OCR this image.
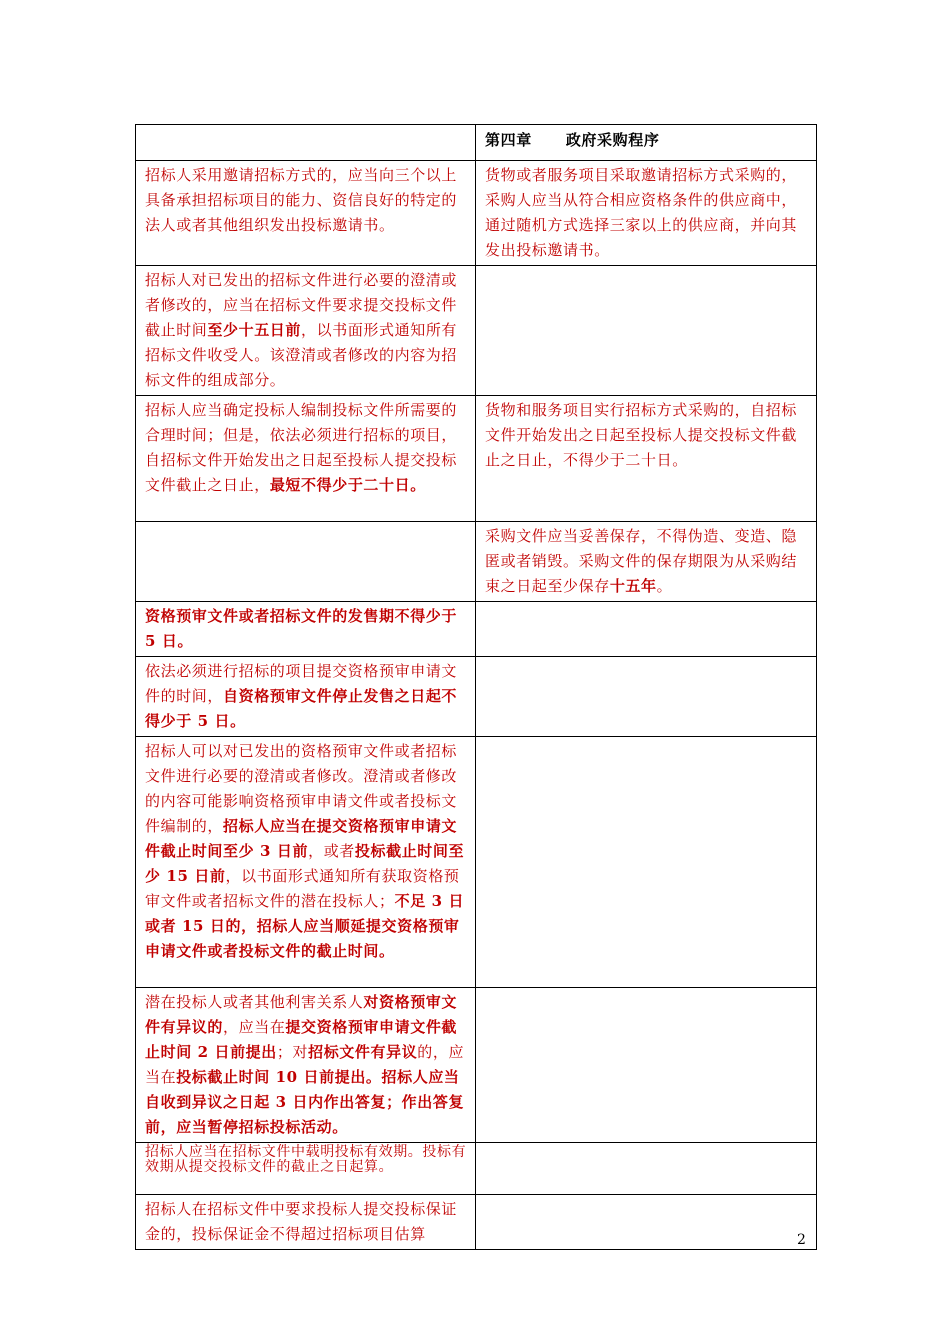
	第四章 政府采购程序
招标人采用邀请招标方式的，应当向三个以上具备承担招标项目的能力、资信良好的特定的法人或者其他组织发出投标邀请书。	货物或者服务项目采取邀请招标方式采购的，采购人应当从符合相应资格条件的供应商中，通过随机方式选择三家以上的供应商，并向其发出投标邀请书。
招标人对已发出的招标文件进行必要的澄清或者修改的，应当在招标文件要求提交投标文件截止时间至少十五日前，以书面形式通知所有招标文件收受人。该澄清或者修改的内容为招标文件的组成部分。	
招标人应当确定投标人编制投标文件所需要的合理时间；但是，依法必须进行招标的项目，自招标文件开始发出之日起至投标人提交投标文件截止之日止，最短不得少于二十日。	货物和服务项目实行招标方式采购的，自招标文件开始发出之日起至投标人提交投标文件截止之日止，不得少于二十日。
	采购文件应当妥善保存，不得伪造、变造、隐匿或者销毁。采购文件的保存期限为从采购结束之日起至少保存十五年。
资格预审文件或者招标文件的发售期不得少于 5 日。	
依法必须进行招标的项目提交资格预审申请文件的时间，自资格预审文件停止发售之日起不得少于 5 日。	
招标人可以对已发出的资格预审文件或者招标文件进行必要的澄清或者修改。澄清或者修改的内容可能影响资格预审申请文件或者投标文件编制的，招标人应当在提交资格预审申请文件截止时间至少 3 日前，或者投标截止时间至少 15 日前，以书面形式通知所有获取资格预审文件或者招标文件的潜在投标人；不足 3 日或者 15 日的，招标人应当顺延提交资格预审申请文件或者投标文件的截止时间。	
潜在投标人或者其他利害关系人对资格预审文件有异议的，应当在提交资格预审申请文件截止时间 2 日前提出；对招标文件有异议的，应当在投标截止时间 10 日前提出。招标人应当自收到异议之日起 3 日内作出答复；作出答复前，应当暂停招标投标活动。	
招标人应当在招标文件中载明投标有效期。投标有效期从提交投标文件的截止之日起算。	
招标人在招标文件中要求投标人提交投标保证金的，投标保证金不得超过招标项目估算		2
